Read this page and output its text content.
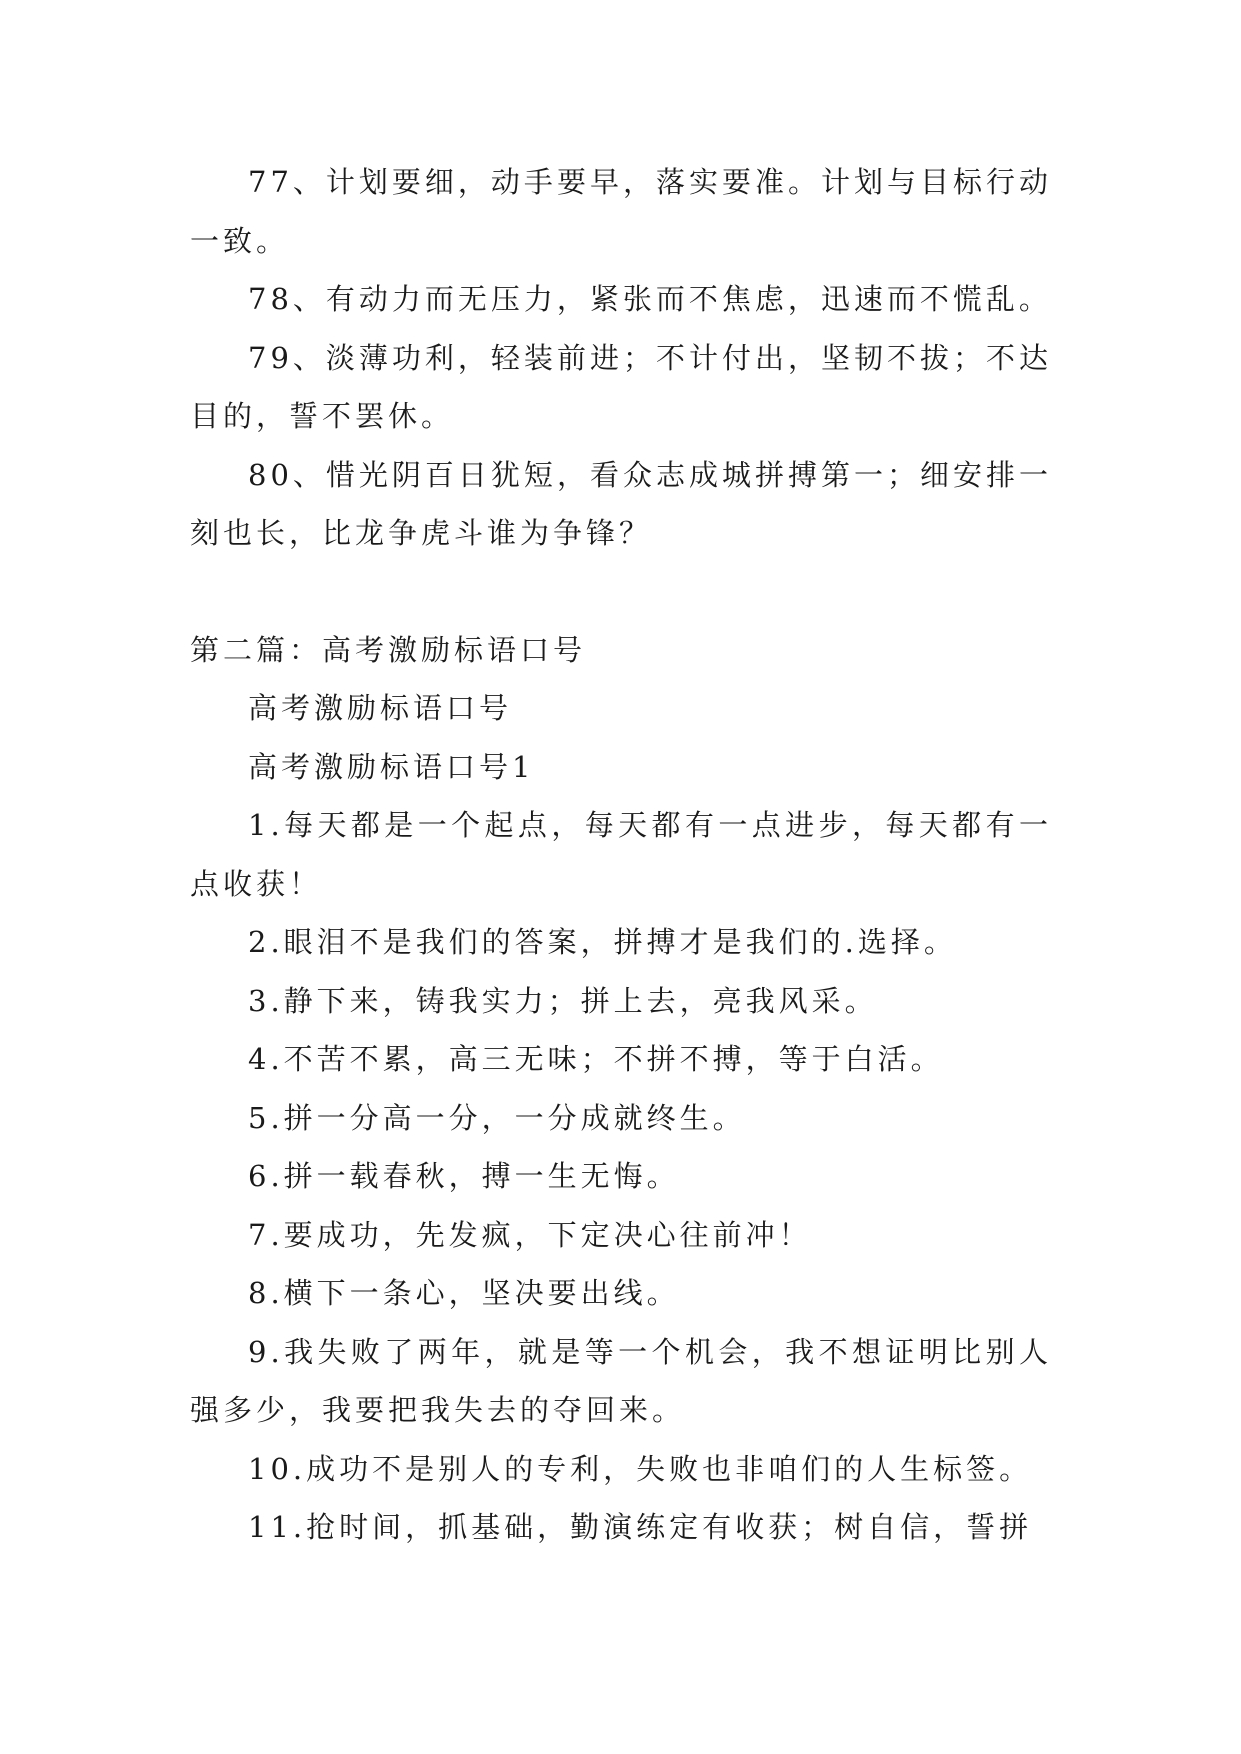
77、计划要细，动手要早，落实要准。计划与目标行动一致。

78、有动力而无压力，紧张而不焦虑，迅速而不慌乱。

79、淡薄功利，轻装前进；不计付出，坚韧不拔；不达目的，誓不罢休。

80、惜光阴百日犹短，看众志成城拼搏第一；细安排一刻也长，比龙争虎斗谁为争锋？

第二篇：高考激励标语口号

高考激励标语口号

高考激励标语口号1

1.每天都是一个起点，每天都有一点进步，每天都有一点收获！

2.眼泪不是我们的答案，拼搏才是我们的.选择。

3.静下来，铸我实力；拼上去，亮我风采。

4.不苦不累，高三无味；不拼不搏，等于白活。

5.拼一分高一分，一分成就终生。

6.拼一载春秋，搏一生无悔。

7.要成功，先发疯，下定决心往前冲！

8.横下一条心，坚决要出线。

9.我失败了两年，就是等一个机会，我不想证明比别人强多少，我要把我失去的夺回来。

10.成功不是别人的专利，失败也非咱们的人生标签。

11.抢时间，抓基础，勤演练定有收获；树自信，誓拼
